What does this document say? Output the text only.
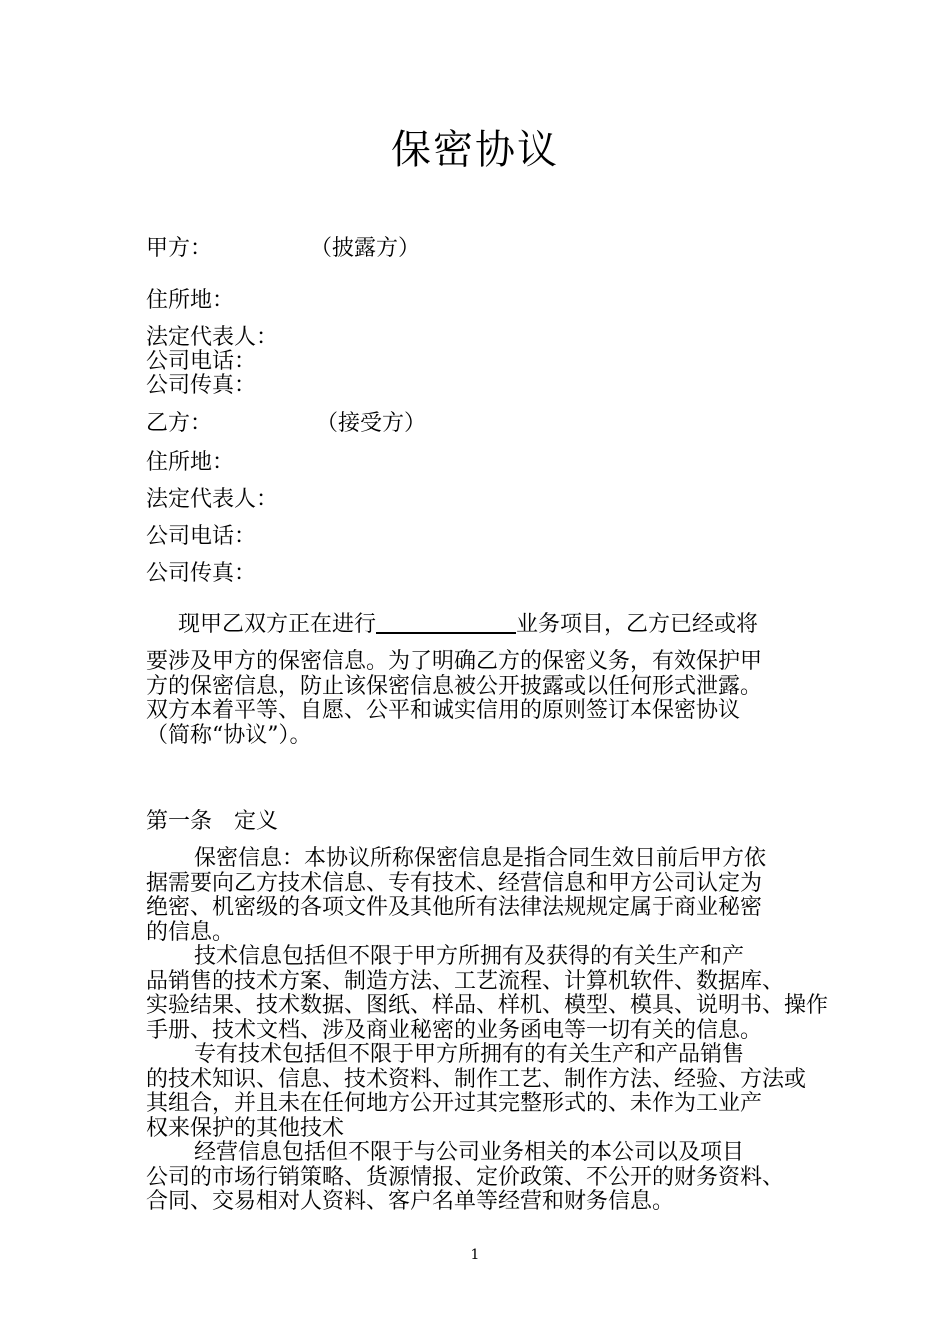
保密协议
甲方：	（披露方）
住所地：
法定代表人：
公司电话：
公司传真：
乙方：	（接受方）
住所地：
法定代表人：
公司电话：
公司传真：
现甲乙双方正在进行	业务项目，乙方已经或将

要涉及甲方的保密信息。为了明确乙方的保密义务，有效保护甲

方的保密信息，防止该保密信息被公开披露或以任何形式泄露。

双方本着平等、自愿、公平和诚实信用的原则签订本保密协议

（简称“协议”）。

第一条　定义

保密信息：本协议所称保密信息是指合同生效日前后甲方依

据需要向乙方技术信息、专有技术、经营信息和甲方公司认定为

绝密、机密级的各项文件及其他所有法律法规规定属于商业秘密

的信息。

技术信息包括但不限于甲方所拥有及获得的有关生产和产

品销售的技术方案、制造方法、工艺流程、计算机软件、数据库、

实验结果、技术数据、图纸、样品、样机、模型、模具、说明书、操作

手册、技术文档、涉及商业秘密的业务函电等一切有关的信息。

专有技术包括但不限于甲方所拥有的有关生产和产品销售

的技术知识、信息、技术资料、制作工艺、制作方法、经验、方法或

其组合，并且未在任何地方公开过其完整形式的、未作为工业产

权来保护的其他技术

经营信息包括但不限于与公司业务相关的本公司以及项目

公司的市场行销策略、货源情报、定价政策、不公开的财务资料、

合同、交易相对人资料、客户名单等经营和财务信息。

1
